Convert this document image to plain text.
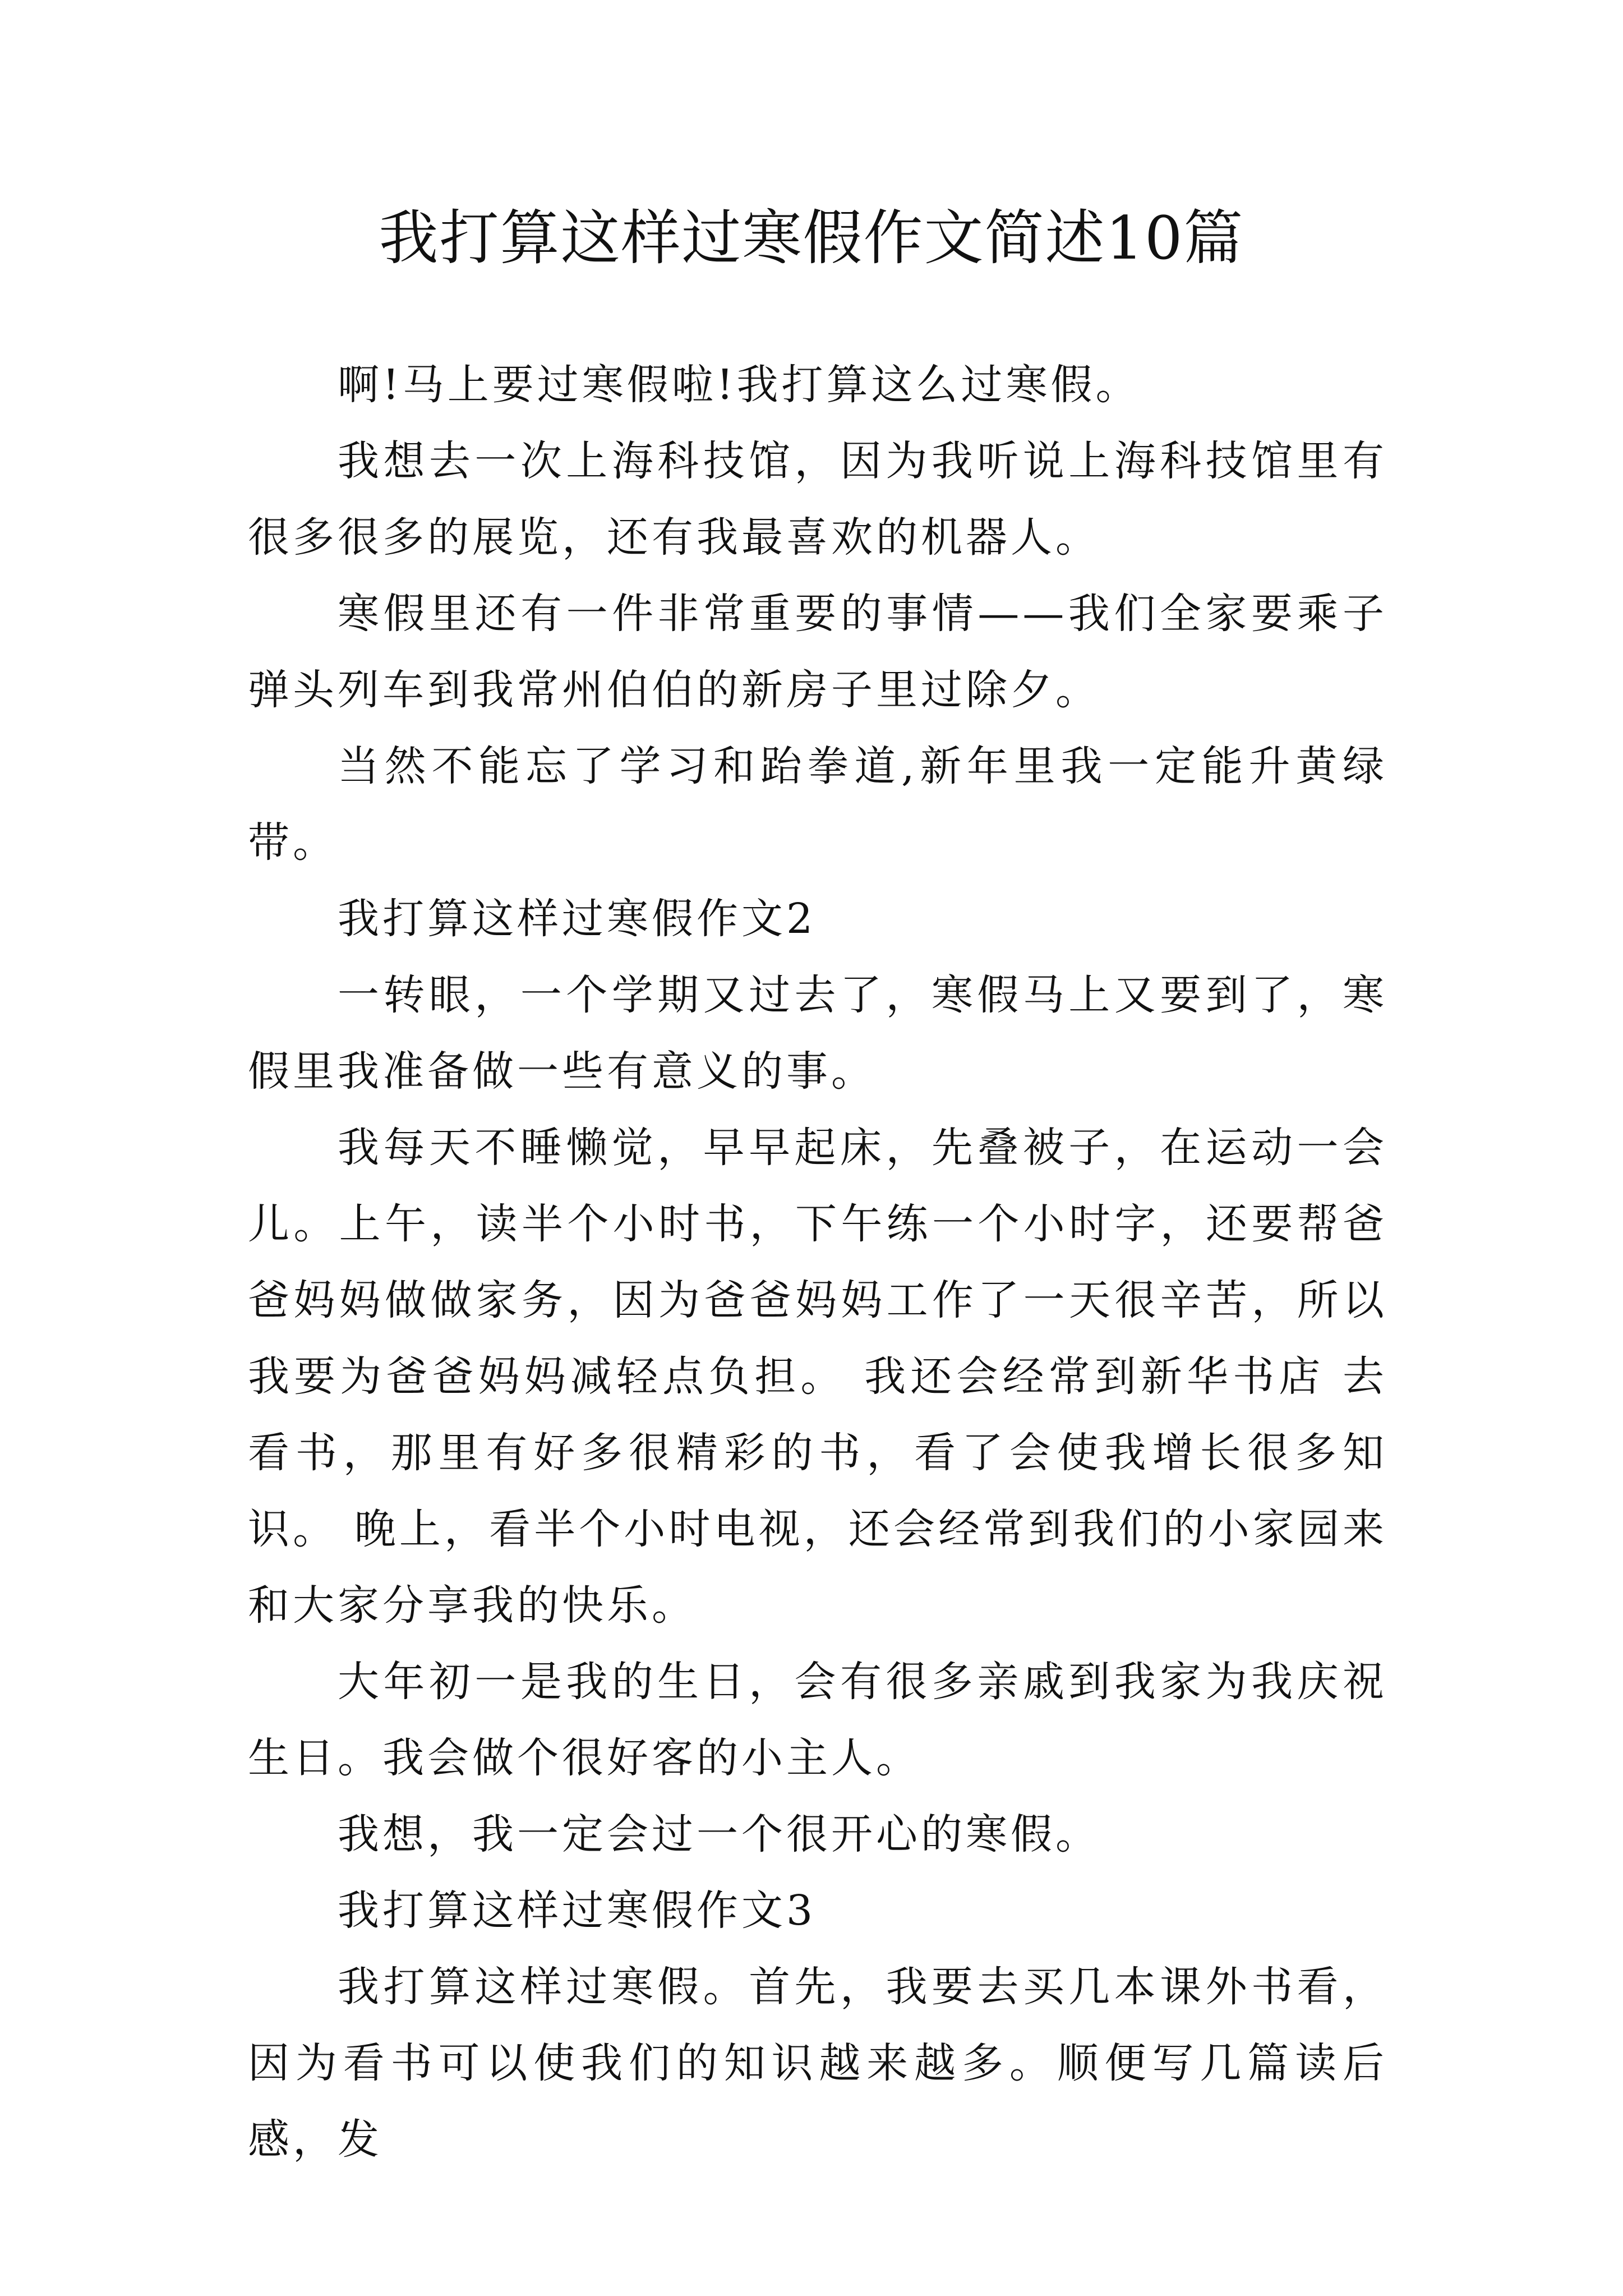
我打算这样过寒假作文简述10篇

啊!马上要过寒假啦!我打算这么过寒假。

我想去一次上海科技馆，因为我听说上海科技馆里有很多很多的展览，还有我最喜欢的机器人。

寒假里还有一件非常重要的事情——我们全家要乘子弹头列车到我常州伯伯的新房子里过除夕。

当然不能忘了学习和跆拳道,新年里我一定能升黄绿带。

我打算这样过寒假作文2

一转眼，一个学期又过去了，寒假马上又要到了，寒假里我准备做一些有意义的事。

我每天不睡懒觉，早早起床，先叠被子，在运动一会儿。上午，读半个小时书，下午练一个小时字，还要帮爸爸妈妈做做家务，因为爸爸妈妈工作了一天很辛苦，所以我要为爸爸妈妈减轻点负担。 我还会经常到新华书店 去看书，那里有好多很精彩的书，看了会使我增长很多知识。 晚上，看半个小时电视，还会经常到我们的小家园来和大家分享我的快乐。

大年初一是我的生日，会有很多亲戚到我家为我庆祝生日。我会做个很好客的小主人。

我想，我一定会过一个很开心的寒假。

我打算这样过寒假作文3

我打算这样过寒假。首先，我要去买几本课外书看，因为看书可以使我们的知识越来越多。顺便写几篇读后感，发
